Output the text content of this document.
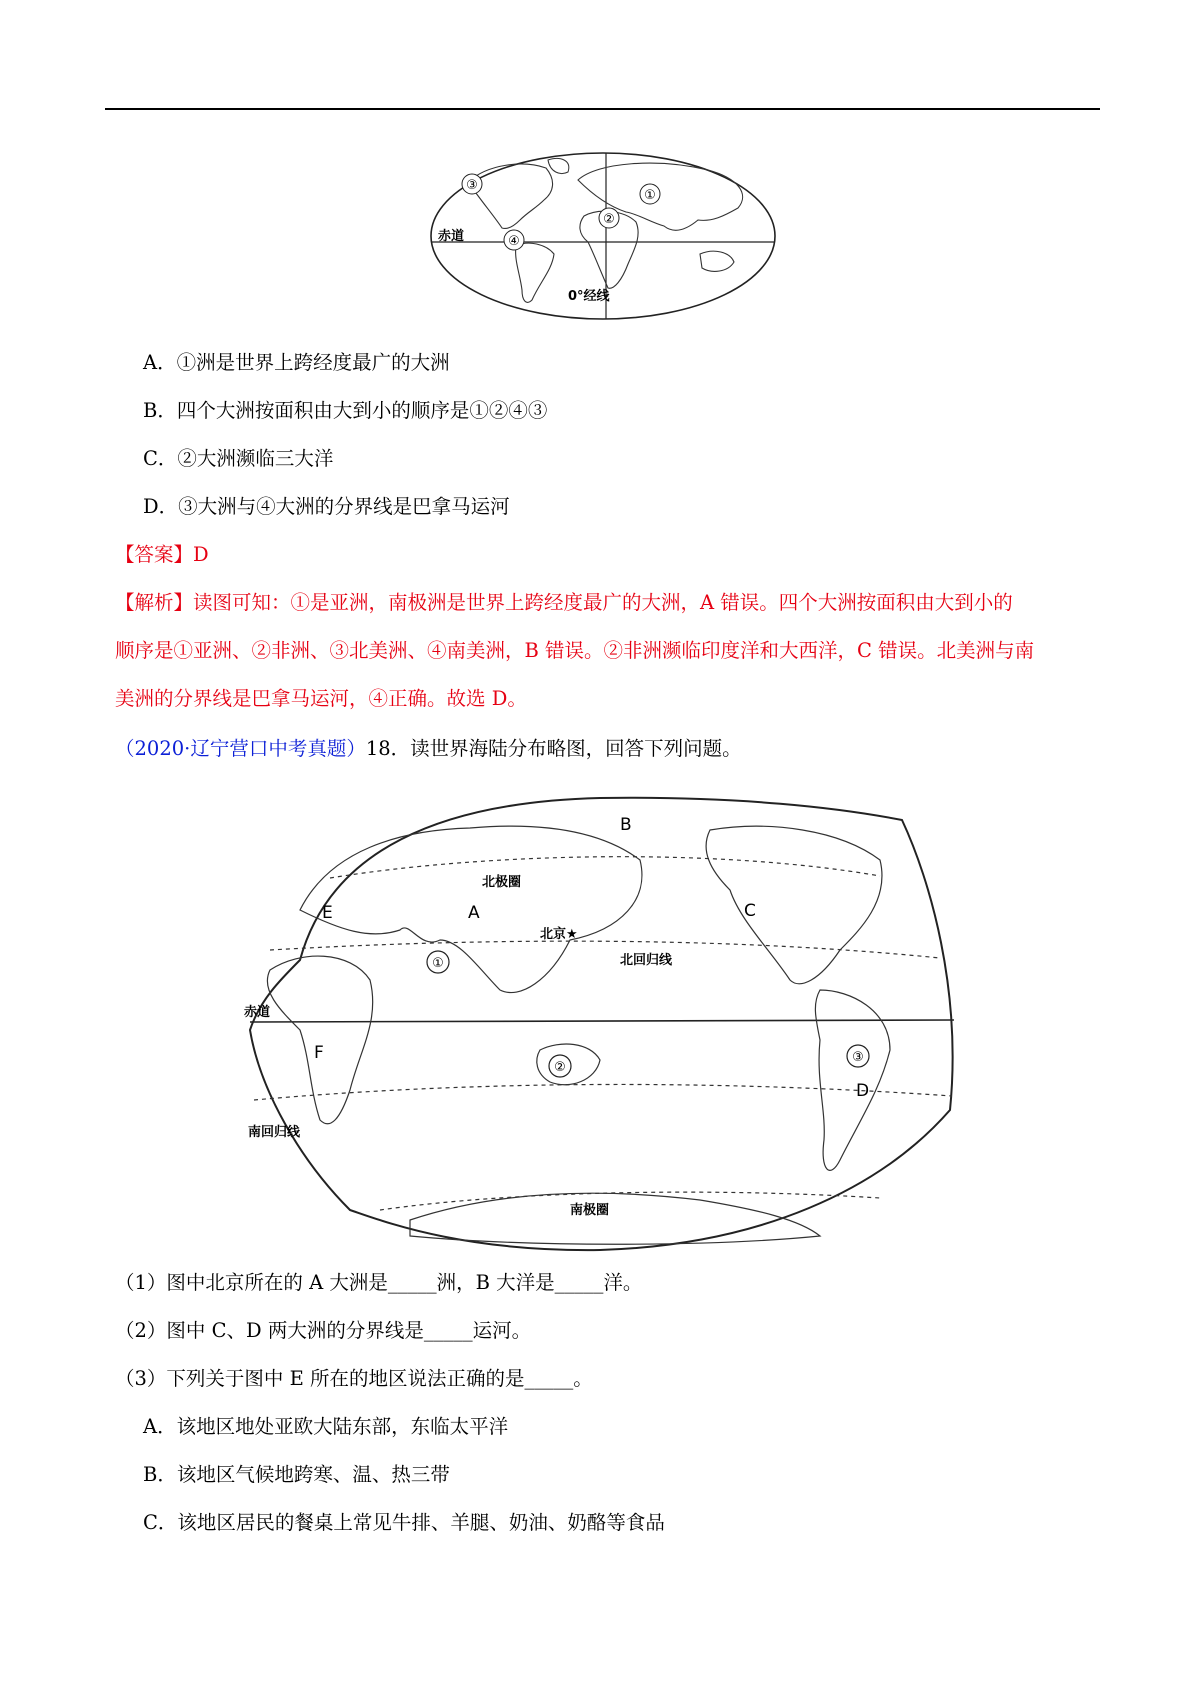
③
①
②
④
赤道
0°经线
A．①洲是世界上跨经度最广的大洲
B．四个大洲按面积由大到小的顺序是①②④③
C．②大洲濒临三大洋
D．③大洲与④大洲的分界线是巴拿马运河
【答案】D
【解析】读图可知：①是亚洲，南极洲是世界上跨经度最广的大洲，A 错误。四个大洲按面积由大到小的
顺序是①亚洲、②非洲、③北美洲、④南美洲，B 错误。②非洲濒临印度洋和大西洋，C 错误。北美洲与南
美洲的分界线是巴拿马运河，④正确。故选 D。
（2020·辽宁营口中考真题）18．读世界海陆分布略图，回答下列问题。
A
B
C
D
E
F
北极圈
北京★
北回归线
赤道
南回归线
南极圈
①
②
③
（1）图中北京所在的 A 大洲是_____洲，B 大洋是_____洋。
（2）图中 C、D 两大洲的分界线是_____运河。
（3）下列关于图中 E 所在的地区说法正确的是_____。
A．该地区地处亚欧大陆东部，东临太平洋
B．该地区气候地跨寒、温、热三带
C．该地区居民的餐桌上常见牛排、羊腿、奶油、奶酪等食品
